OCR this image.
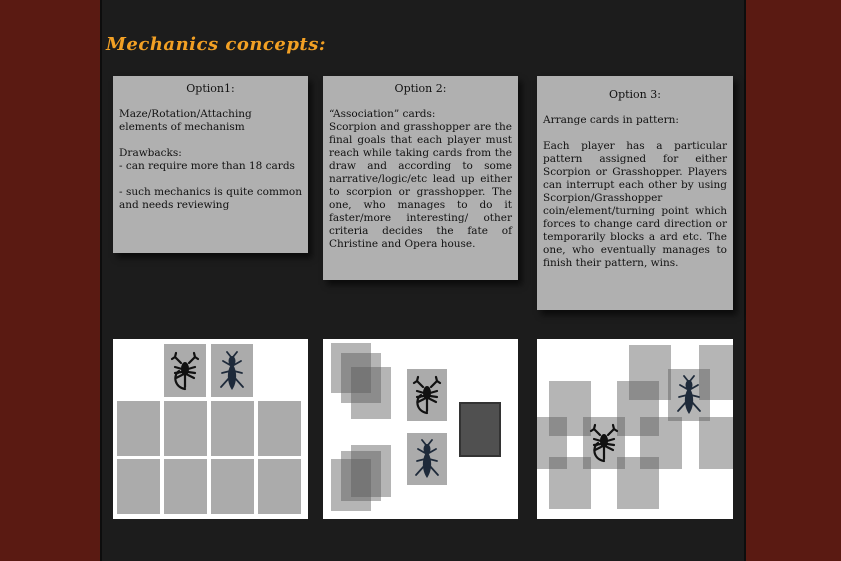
Mechanics concepts:
Option1:

Maze/Rotation/Attaching elements of mechanism

Drawbacks:

- can require more than 18 cards

- such mechanics is quite common and needs reviewing

Option 2:

“Association” cards:

Scorpion and grasshopper are the final goals that each player must reach while taking cards from the draw and according to some narrative/logic/etc lead up either to scorpion or grasshopper. The one, who manages to do it faster/more interesting/ other criteria decides the fate of Christine and Opera house.

Option 3:

Arrange cards in pattern:

Each player has a particular pattern assigned for either Scorpion or Grasshopper. Players can interrupt each other by using Scorpion/Grasshopper coin/element/turning point which forces to change card direction or temporarily blocks a ard etc. The one, who eventually manages to finish their pattern, wins.
